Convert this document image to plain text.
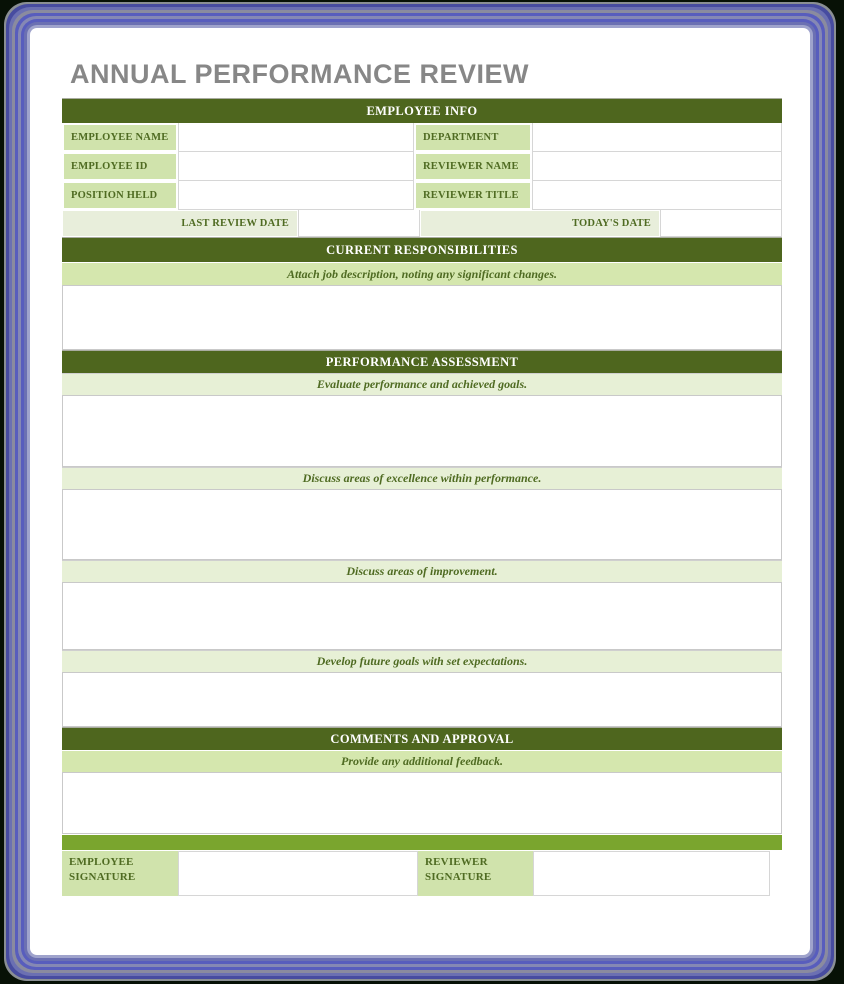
ANNUAL PERFORMANCE REVIEW
EMPLOYEE INFO
EMPLOYEE NAME	DEPARTMENT
EMPLOYEE ID	REVIEWER NAME
POSITION HELD	REVIEWER TITLE
LAST REVIEW DATE	TODAY'S DATE
CURRENT RESPONSIBILITIES
Attach job description, noting any significant changes.
PERFORMANCE ASSESSMENT
Evaluate performance and achieved goals.
Discuss areas of excellence within performance.
Discuss areas of improvement.
Develop future goals with set expectations.
COMMENTS AND APPROVAL
Provide any additional feedback.
EMPLOYEE SIGNATURE
REVIEWER SIGNATURE
